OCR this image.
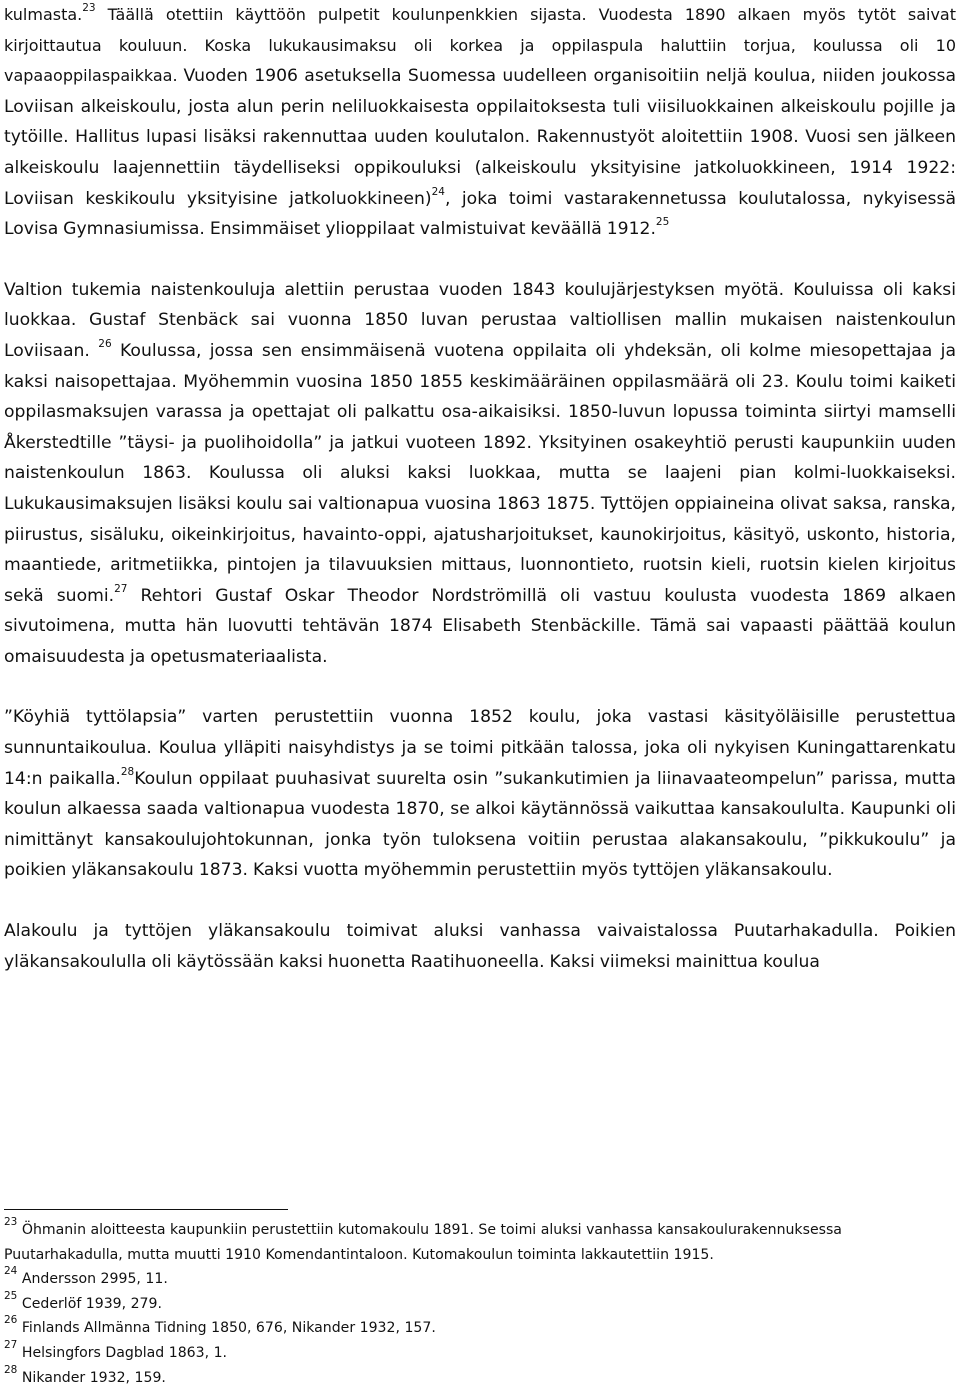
kulmasta.$^{23}$ Täällä otettiin käyttöön pulpetit koulunpenkkien sijasta. Vuodesta 1890 alkaen myös tytöt saivat kirjoittautua kouluun. Koska lukukausimaksu oli korkea ja oppilaspula haluttiin torjua, koulussa oli 10 vapaaoppilaspaikkaa. Vuoden 1906 asetuksella Suomessa uudelleen organisoitiin neljä koulua, niiden joukossa Loviisan alkeiskoulu, josta alun perin neliluokkaisesta oppilaitoksesta tuli viisiluokkainen alkeiskoulu pojille ja tytöille. Hallitus lupasi lisäksi rakennuttaa uuden koulutalon. Rakennustyöt aloitettiin 1908. Vuosi sen jälkeen alkeiskoulu laajennettiin täydelliseksi oppikouluksi (alkeiskoulu yksityisine jatkoluokkineen, 1914 1922: Loviisan keskikoulu yksityisine jatkoluokkineen)$^{24}$, joka toimi vastarakennetussa koulutalossa, nykyisessä Lovisa Gymnasiumissa. Ensimmäiset ylioppilaat valmistuivat keväällä 1912.25

Valtion tukemia naistenkouluja alettiin perustaa vuoden 1843 koulujärjestyksen myötä. Kouluissa oli kaksi luokkaa. Gustaf Stenbäck sai vuonna 1850 luvan perustaa valtiollisen mallin mukaisen naistenkoulun Loviisaan. $^{26}$ Koulussa, jossa sen ensimmäisenä vuotena oppilaita oli yhdeksän, oli kolme miesopettajaa ja kaksi naisopettajaa. Myöhemmin vuosina 1850 1855 keskimääräinen oppilasmäärä oli 23. Koulu toimi kaiketi oppilasmaksujen varassa ja opettajat oli palkattu osa-aikaisiksi. 1850-luvun lopussa toiminta siirtyi mamselli Åkerstedtille ”täysi- ja puolihoidolla” ja jatkui vuoteen 1892. Yksityinen osakeyhtiö perusti kaupunkiin uuden naistenkoulun 1863. Koulussa oli aluksi kaksi luokkaa, mutta se laajeni pian kolmi-luokkaiseksi. Lukukausimaksujen lisäksi koulu sai valtionapua vuosina 1863 1875. Tyttöjen oppiaineina olivat saksa, ranska, piirustus, sisäluku, oikeinkirjoitus, havainto-oppi, ajatusharjoitukset, kaunokirjoitus, käsityö, uskonto, historia, maantiede, aritmetiikka, pintojen ja tilavuuksien mittaus, luonnontieto, ruotsin kieli, ruotsin kielen kirjoitus sekä suomi.$^{27}$ Rehtori Gustaf Oskar Theodor Nordströmillä oli vastuu koulusta vuodesta 1869 alkaen sivutoimena, mutta hän luovutti tehtävän 1874 Elisabeth Stenbäckille. Tämä sai vapaasti päättää koulun omaisuudesta ja opetusmateriaalista.

”Köyhiä tyttölapsia” varten perustettiin vuonna 1852 koulu, joka vastasi käsityöläisille perustettua sunnuntaikoulua. Koulua ylläpiti naisyhdistys ja se toimi pitkään talossa, joka oli nykyisen Kuningattarenkatu 14:n paikalla.$^{28}$Koulun oppilaat puuhasivat suurelta osin ”sukankutimien ja liinavaateompelun” parissa, mutta koulun alkaessa saada valtionapua vuodesta 1870, se alkoi käytännössä vaikuttaa kansakoululta. Kaupunki oli nimittänyt kansakoulujohtokunnan, jonka työn tuloksena voitiin perustaa alakansakoulu, ”pikkukoulu” ja poikien yläkansakoulu 1873. Kaksi vuotta myöhemmin perustettiin myös tyttöjen yläkansakoulu.

Alakoulu ja tyttöjen yläkansakoulu toimivat aluksi vanhassa vaivaistalossa Puutarhakadulla. Poikien yläkansakoululla oli käytössään kaksi huonetta Raatihuoneella. Kaksi viimeksi mainittua koulua

$^{23}$ Öhmanin aloitteesta kaupunkiin perustettiin kutomakoulu 1891. Se toimi aluksi vanhassa kansakoulurakennuksessa Puutarhakadulla, mutta muutti 1910 Komendantintaloon. Kutomakoulun toiminta lakkautettiin 1915.

$^{24}$ Andersson 2995, 11.

$^{25}$ Cederlöf 1939, 279.

$^{26}$ Finlands Allmänna Tidning 1850, 676, Nikander 1932, 157.

$^{27}$ Helsingfors Dagblad 1863, 1.

$^{28}$ Nikander 1932, 159.
